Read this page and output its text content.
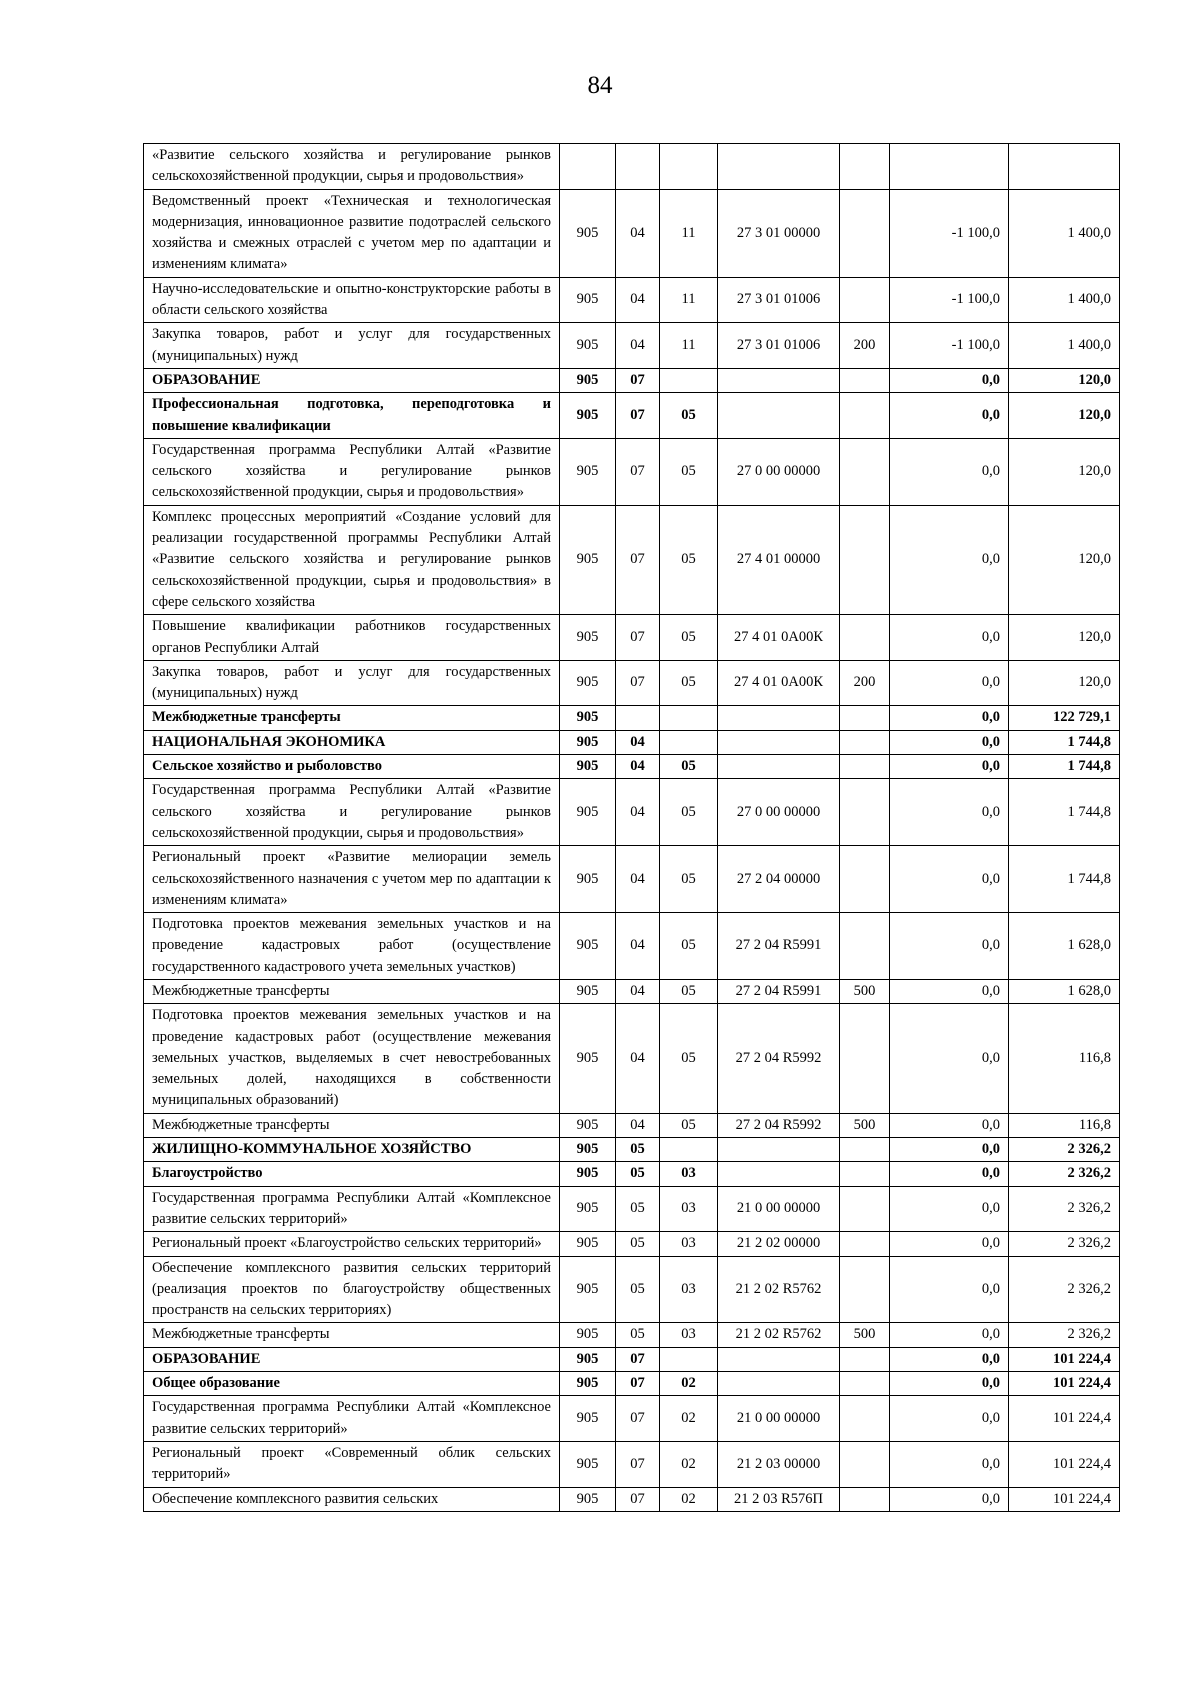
84
«Развитие сельского хозяйства и регулирование рынков сельскохозяйственной продукции, сырья и продовольствия»							
Ведомственный проект «Техническая и технологическая модернизация, инновационное развитие подотраслей сельского хозяйства и смежных отраслей с учетом мер по адаптации и изменениям климата»	905	04	11	27 3 01 00000		-1 100,0	1 400,0
Научно-исследовательские и опытно-конструкторские работы в области сельского хозяйства	905	04	11	27 3 01 01006		-1 100,0	1 400,0
Закупка товаров, работ и услуг для государственных (муниципальных) нужд	905	04	11	27 3 01 01006	200	-1 100,0	1 400,0
ОБРАЗОВАНИЕ	905	07				0,0	120,0
Профессиональная подготовка, переподготовка и повышение квалификации	905	07	05			0,0	120,0
Государственная программа Республики Алтай «Развитие сельского хозяйства и регулирование рынков сельскохозяйственной продукции, сырья и продовольствия»	905	07	05	27 0 00 00000		0,0	120,0
Комплекс процессных мероприятий «Создание условий для реализации государственной программы Республики Алтай «Развитие сельского хозяйства и регулирование рынков сельскохозяйственной продукции, сырья и продовольствия» в сфере сельского хозяйства	905	07	05	27 4 01 00000		0,0	120,0
Повышение квалификации работников государственных органов Республики Алтай	905	07	05	27 4 01 0А00К		0,0	120,0
Закупка товаров, работ и услуг для государственных (муниципальных) нужд	905	07	05	27 4 01 0А00К	200	0,0	120,0
Межбюджетные трансферты	905					0,0	122 729,1
НАЦИОНАЛЬНАЯ ЭКОНОМИКА	905	04				0,0	1 744,8
Сельское хозяйство и рыболовство	905	04	05			0,0	1 744,8
Государственная программа Республики Алтай «Развитие сельского хозяйства и регулирование рынков сельскохозяйственной продукции, сырья и продовольствия»	905	04	05	27 0 00 00000		0,0	1 744,8
Региональный проект «Развитие мелиорации земель сельскохозяйственного назначения с учетом мер по адаптации к изменениям климата»	905	04	05	27 2 04 00000		0,0	1 744,8
Подготовка проектов межевания земельных участков и на проведение кадастровых работ (осуществление государственного кадастрового учета земельных участков)	905	04	05	27 2 04 R5991		0,0	1 628,0
Межбюджетные трансферты	905	04	05	27 2 04 R5991	500	0,0	1 628,0
Подготовка проектов межевания земельных участков и на проведение кадастровых работ (осуществление межевания земельных участков, выделяемых в счет невостребованных земельных долей, находящихся в собственности муниципальных образований)	905	04	05	27 2 04 R5992		0,0	116,8
Межбюджетные трансферты	905	04	05	27 2 04 R5992	500	0,0	116,8
ЖИЛИЩНО-КОММУНАЛЬНОЕ ХОЗЯЙСТВО	905	05				0,0	2 326,2
Благоустройство	905	05	03			0,0	2 326,2
Государственная программа Республики Алтай «Комплексное развитие сельских территорий»	905	05	03	21 0 00 00000		0,0	2 326,2
Региональный проект «Благоустройство сельских территорий»	905	05	03	21 2 02 00000		0,0	2 326,2
Обеспечение комплексного развития сельских территорий (реализация проектов по благоустройству общественных пространств на сельских территориях)	905	05	03	21 2 02 R5762		0,0	2 326,2
Межбюджетные трансферты	905	05	03	21 2 02 R5762	500	0,0	2 326,2
ОБРАЗОВАНИЕ	905	07				0,0	101 224,4
Общее образование	905	07	02			0,0	101 224,4
Государственная программа Республики Алтай «Комплексное развитие сельских территорий»	905	07	02	21 0 00 00000		0,0	101 224,4
Региональный проект «Современный облик сельских территорий»	905	07	02	21 2 03 00000		0,0	101 224,4
Обеспечение комплексного развития сельских	905	07	02	21 2 03 R576П		0,0	101 224,4
